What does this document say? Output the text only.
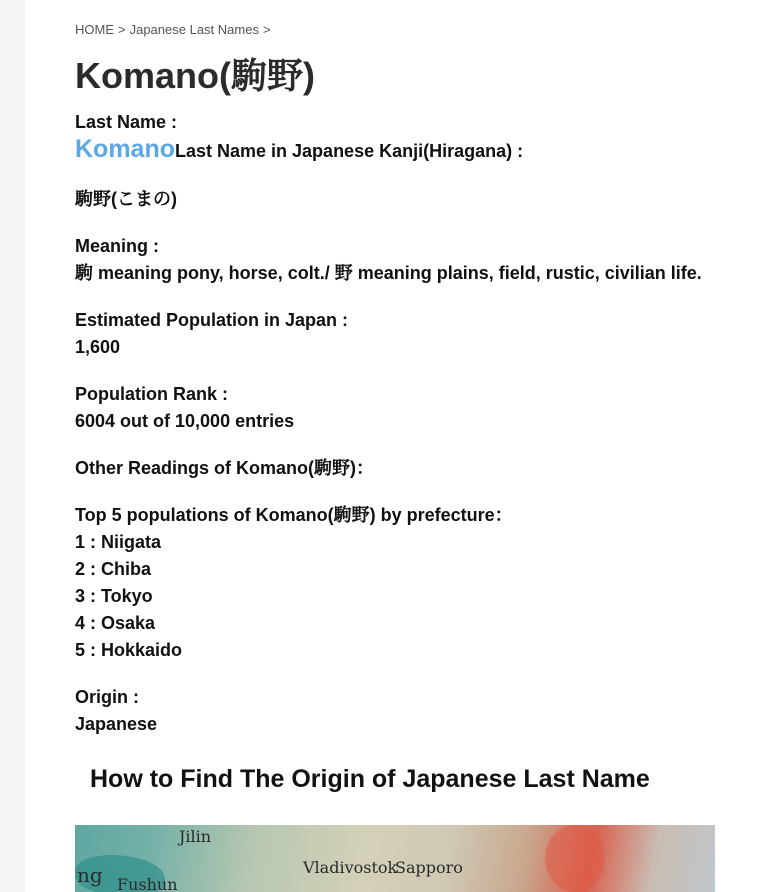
HOME > Japanese Last Names >
Komano(駒野)
Last Name :
KomanoLast Name in Japanese Kanji(Hiragana) :
駒野(こまの)
Meaning :
駒 meaning pony, horse, colt./ 野 meaning plains, field, rustic, civilian life.
Estimated Population in Japan :
1,600
Population Rank :
6004 out of 10,000 entries
Other Readings of Komano(駒野)：
Top 5 populations of Komano(駒野) by prefecture：
1 : Niigata
2 : Chiba
3 : Tokyo
4 : Osaka
5 : Hokkaido
Origin :
Japanese
How to Find The Origin of Japanese Last Name
Jilin
Vladivostok
Sapporo
Fushun
ng
